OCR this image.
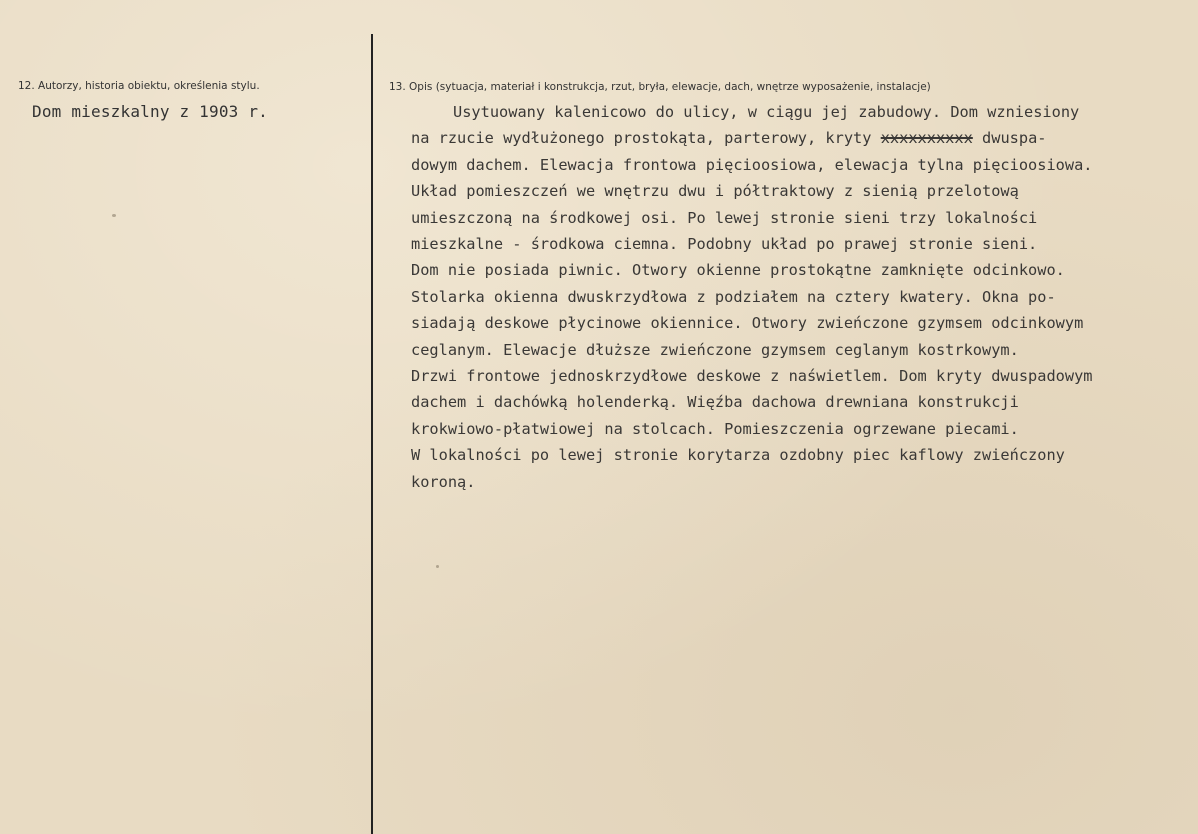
12. Autorzy, historia obiektu, określenia stylu.
Dom mieszkalny z 1903 r.
13. Opis (sytuacja, materiał i konstrukcja, rzut, bryła, elewacje, dach, wnętrze wyposażenie, instalacje)
Usytuowany kalenicowo do ulicy, w ciągu jej zabudowy. Dom wzniesiony
na rzucie wydłużonego prostokąta, parterowy, kryty xxxxxxxxxx dwuspa-
dowym dachem. Elewacja frontowa pięcioosiowa, elewacja tylna pięcioosiowa.
Układ pomieszczeń we wnętrzu dwu i półtraktowy z sienią przelotową
umieszczoną na środkowej osi. Po lewej stronie sieni trzy lokalności
mieszkalne - środkowa ciemna. Podobny układ po prawej stronie sieni.
Dom nie posiada piwnic. Otwory okienne prostokątne zamknięte odcinkowo.
Stolarka okienna dwuskrzydłowa z podziałem na cztery kwatery. Okna po-
siadają deskowe płycinowe okiennice. Otwory zwieńczone gzymsem odcinkowym
ceglanym. Elewacje dłuższe zwieńczone gzymsem ceglanym kostrkowym.
Drzwi frontowe jednoskrzydłowe deskowe z naświetlem. Dom kryty dwuspadowym
dachem i dachówką holenderką. Więźba dachowa drewniana konstrukcji
krokwiowo-płatwiowej na stolcach. Pomieszczenia ogrzewane piecami.
W lokalności po lewej stronie korytarza ozdobny piec kaflowy zwieńczony
koroną.
